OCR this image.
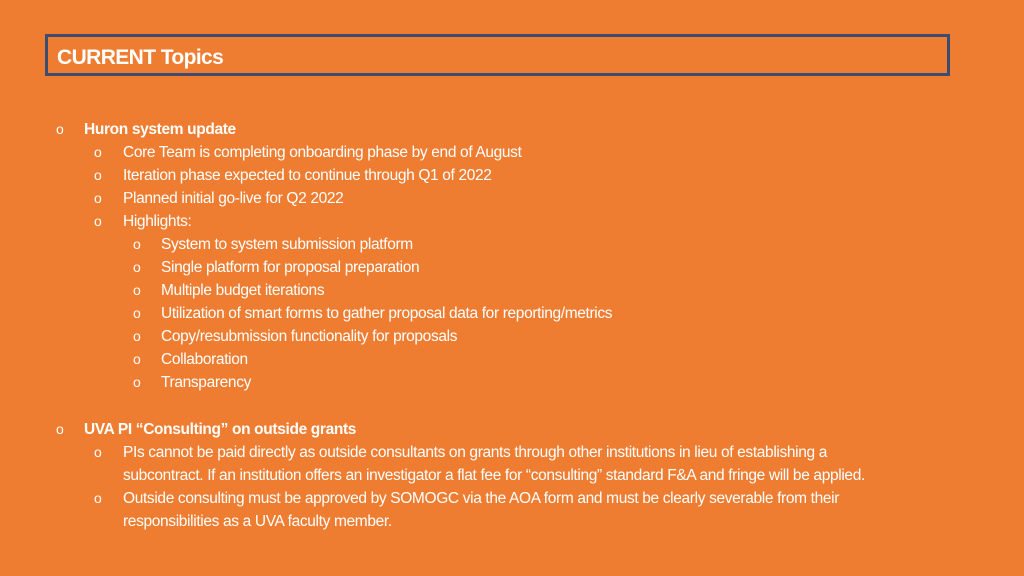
CURRENT Topics
o Huron system update
o Core Team is completing onboarding phase by end of August
o Iteration phase expected to continue through Q1 of 2022
o Planned initial go-live for Q2 2022
o Highlights:
o System to system submission platform
o Single platform for proposal preparation
o Multiple budget iterations
o Utilization of smart forms to gather proposal data for reporting/metrics
o Copy/resubmission functionality for proposals
o Collaboration
o Transparency
o UVA PI “Consulting” on outside grants
o PIs cannot be paid directly as outside consultants on grants through other institutions in lieu of establishing a
subcontract. If an institution offers an investigator a flat fee for “consulting” standard F&A and fringe will be applied.
o Outside consulting must be approved by SOMOGC via the AOA form and must be clearly severable from their
responsibilities as a UVA faculty member.
